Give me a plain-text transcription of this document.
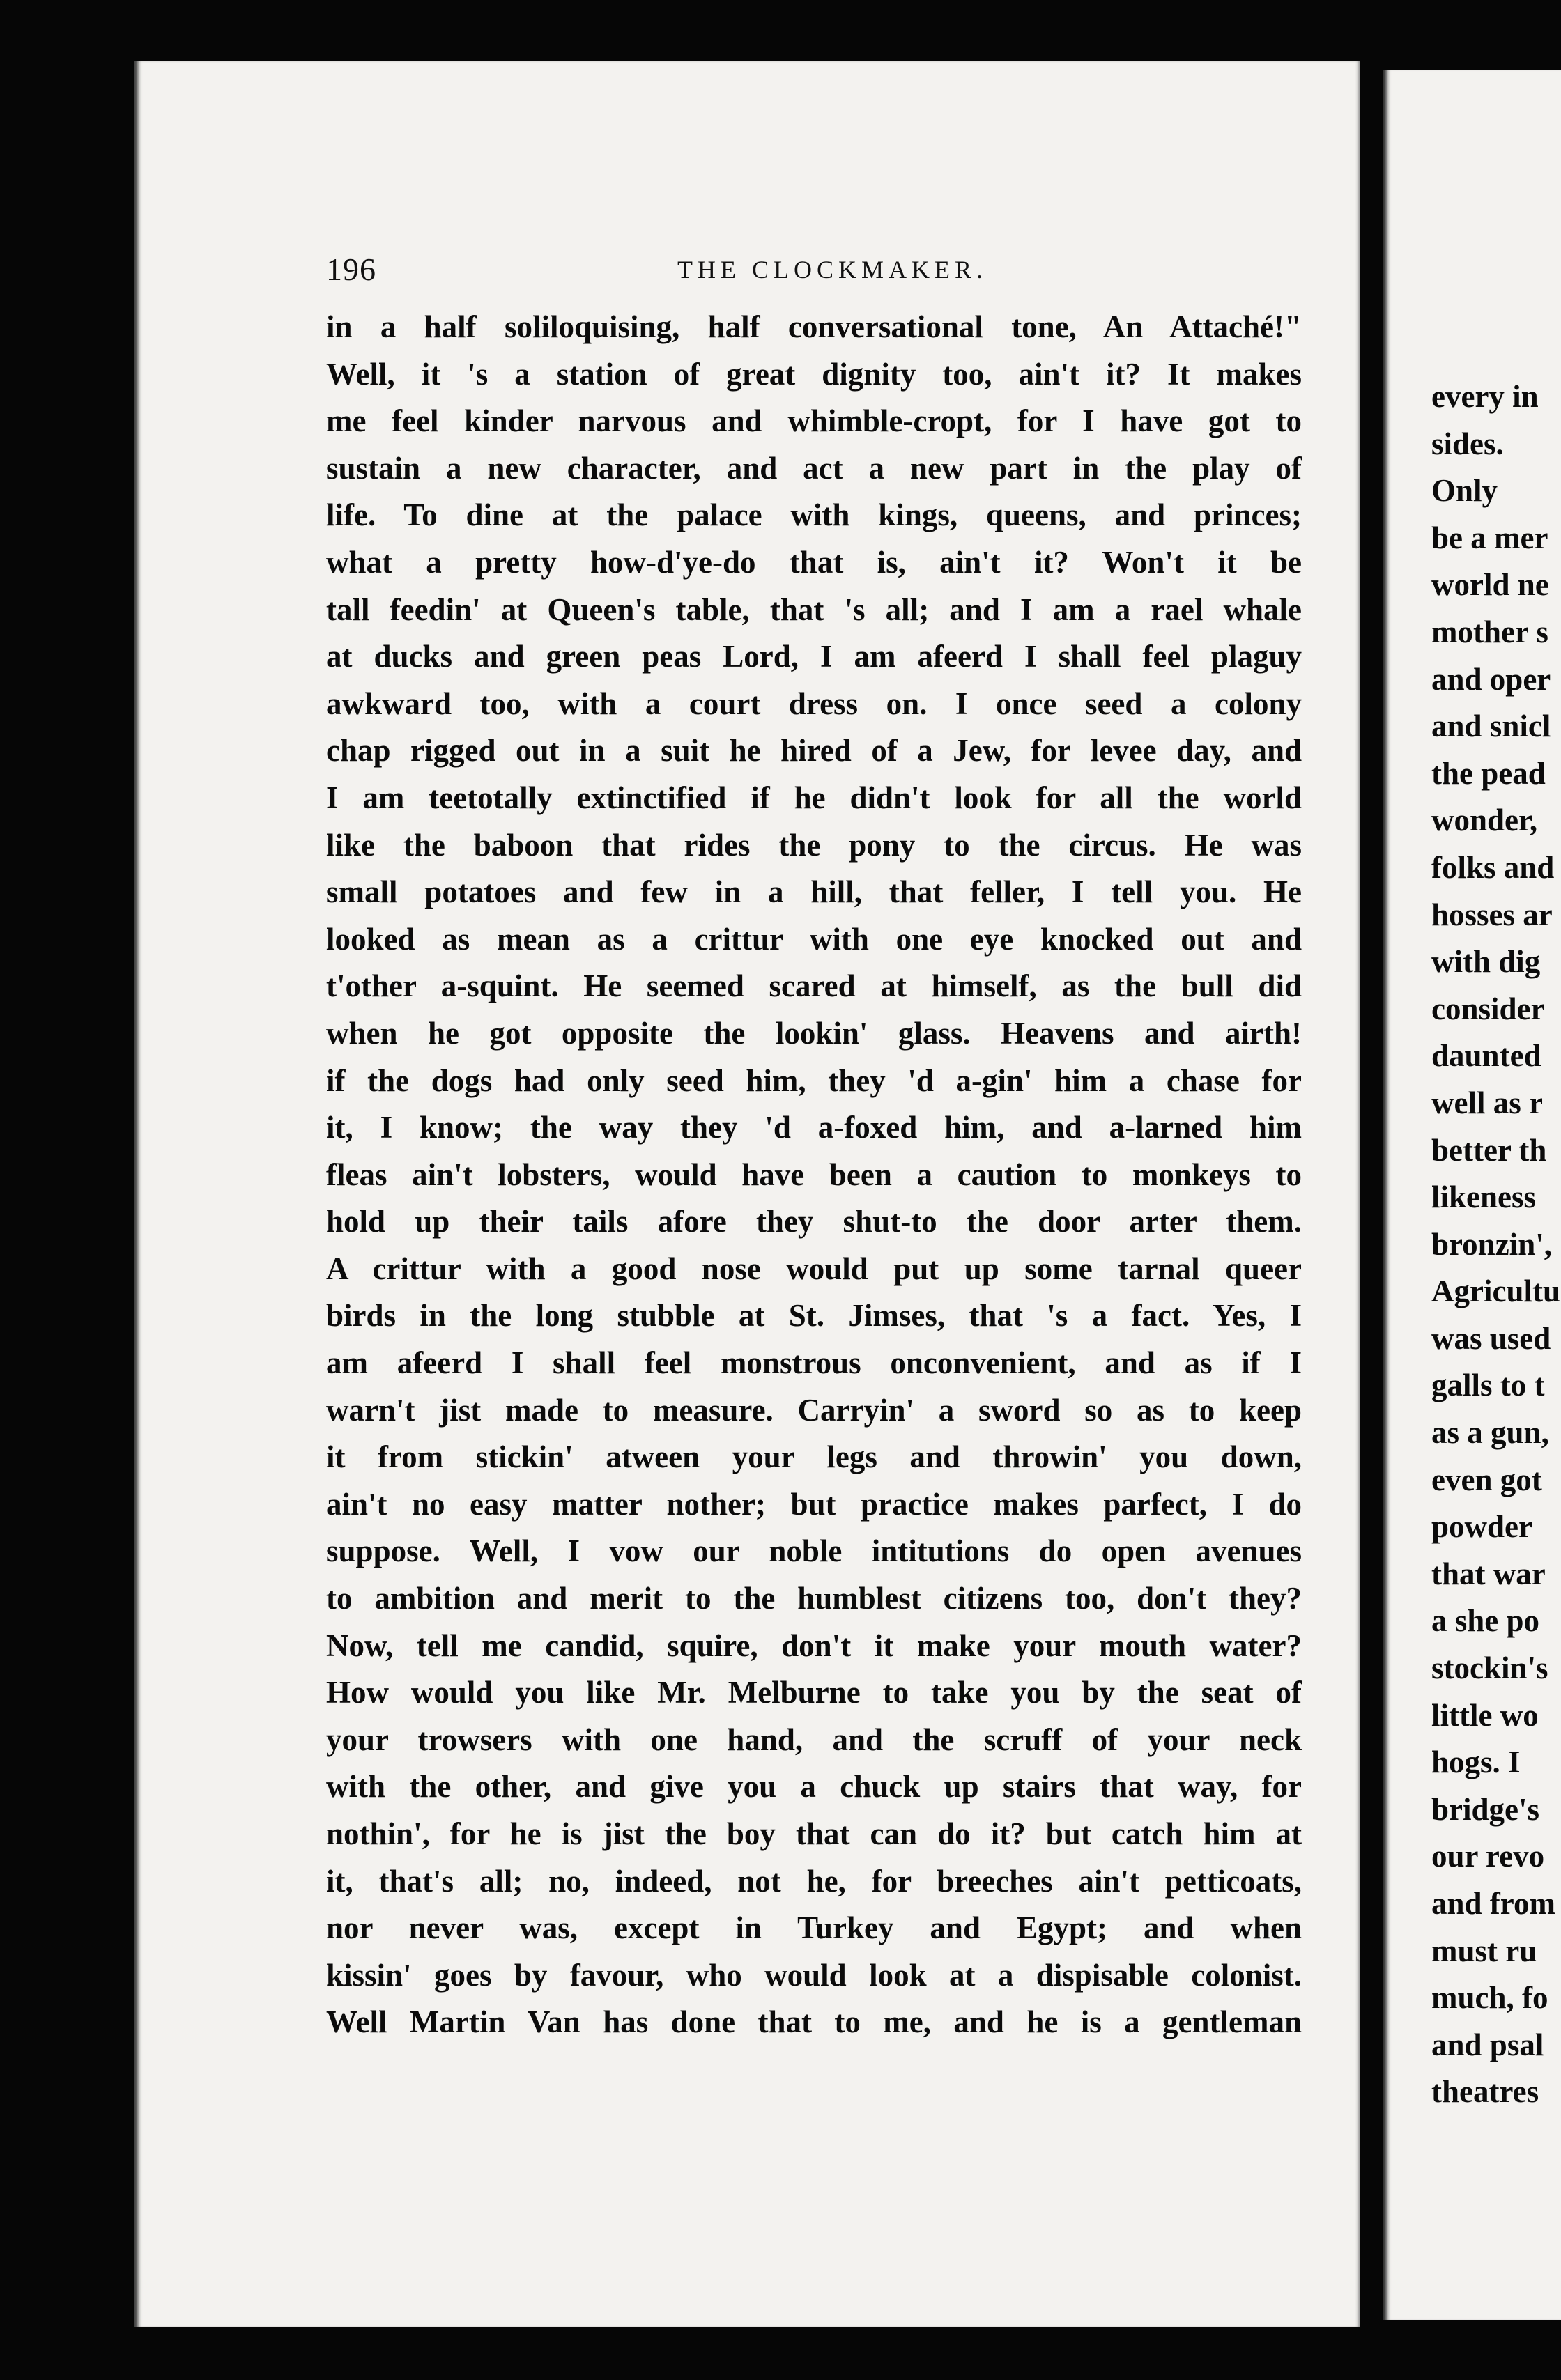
every in
sides.
Only
be a mer
world ne
mother s
and oper
and snicl
the pead
wonder,
folks and
hosses ar
with dig
consider
daunted
well as r
better th
likeness
bronzin',
Agricultu
was used
galls to t
as a gun,
even got
powder
that war
a she po
stockin's
little wo
hogs. I
bridge's
our revo
and from
must ru
much, fo
and psal
theatres
196	THE CLOCKMAKER.
in a half soliloquising, half conversational tone, An Attaché!"
Well, it 's a station of great dignity too, ain't it? It makes
me feel kinder narvous and whimble-cropt, for I have got to
sustain a new character, and act a new part in the play of
life. To dine at the palace with kings, queens, and princes;
what a pretty how-d'ye-do that is, ain't it? Won't it be
tall feedin' at Queen's table, that 's all; and I am a rael whale
at ducks and green peas Lord, I am afeerd I shall feel plaguy
awkward too, with a court dress on. I once seed a colony
chap rigged out in a suit he hired of a Jew, for levee day, and
I am teetotally extinctified if he didn't look for all the world
like the baboon that rides the pony to the circus. He was
small potatoes and few in a hill, that feller, I tell you. He
looked as mean as a crittur with one eye knocked out and
t'other a-squint. He seemed scared at himself, as the bull did
when he got opposite the lookin' glass. Heavens and airth!
if the dogs had only seed him, they 'd a-gin' him a chase for
it, I know; the way they 'd a-foxed him, and a-larned him
fleas ain't lobsters, would have been a caution to monkeys to
hold up their tails afore they shut-to the door arter them.
A crittur with a good nose would put up some tarnal queer
birds in the long stubble at St. Jimses, that 's a fact. Yes, I
am afeerd I shall feel monstrous onconvenient, and as if I
warn't jist made to measure. Carryin' a sword so as to keep
it from stickin' atween your legs and throwin' you down,
ain't no easy matter nother; but practice makes parfect, I do
suppose. Well, I vow our noble intitutions do open avenues
to ambition and merit to the humblest citizens too, don't they?
Now, tell me candid, squire, don't it make your mouth water?
How would you like Mr. Melburne to take you by the seat of
your trowsers with one hand, and the scruff of your neck
with the other, and give you a chuck up stairs that way, for
nothin', for he is jist the boy that can do it? but catch him at
it, that's all; no, indeed, not he, for breeches ain't petticoats,
nor never was, except in Turkey and Egypt; and when
kissin' goes by favour, who would look at a dispisable colonist.
Well Martin Van has done that to me, and he is a gentleman
